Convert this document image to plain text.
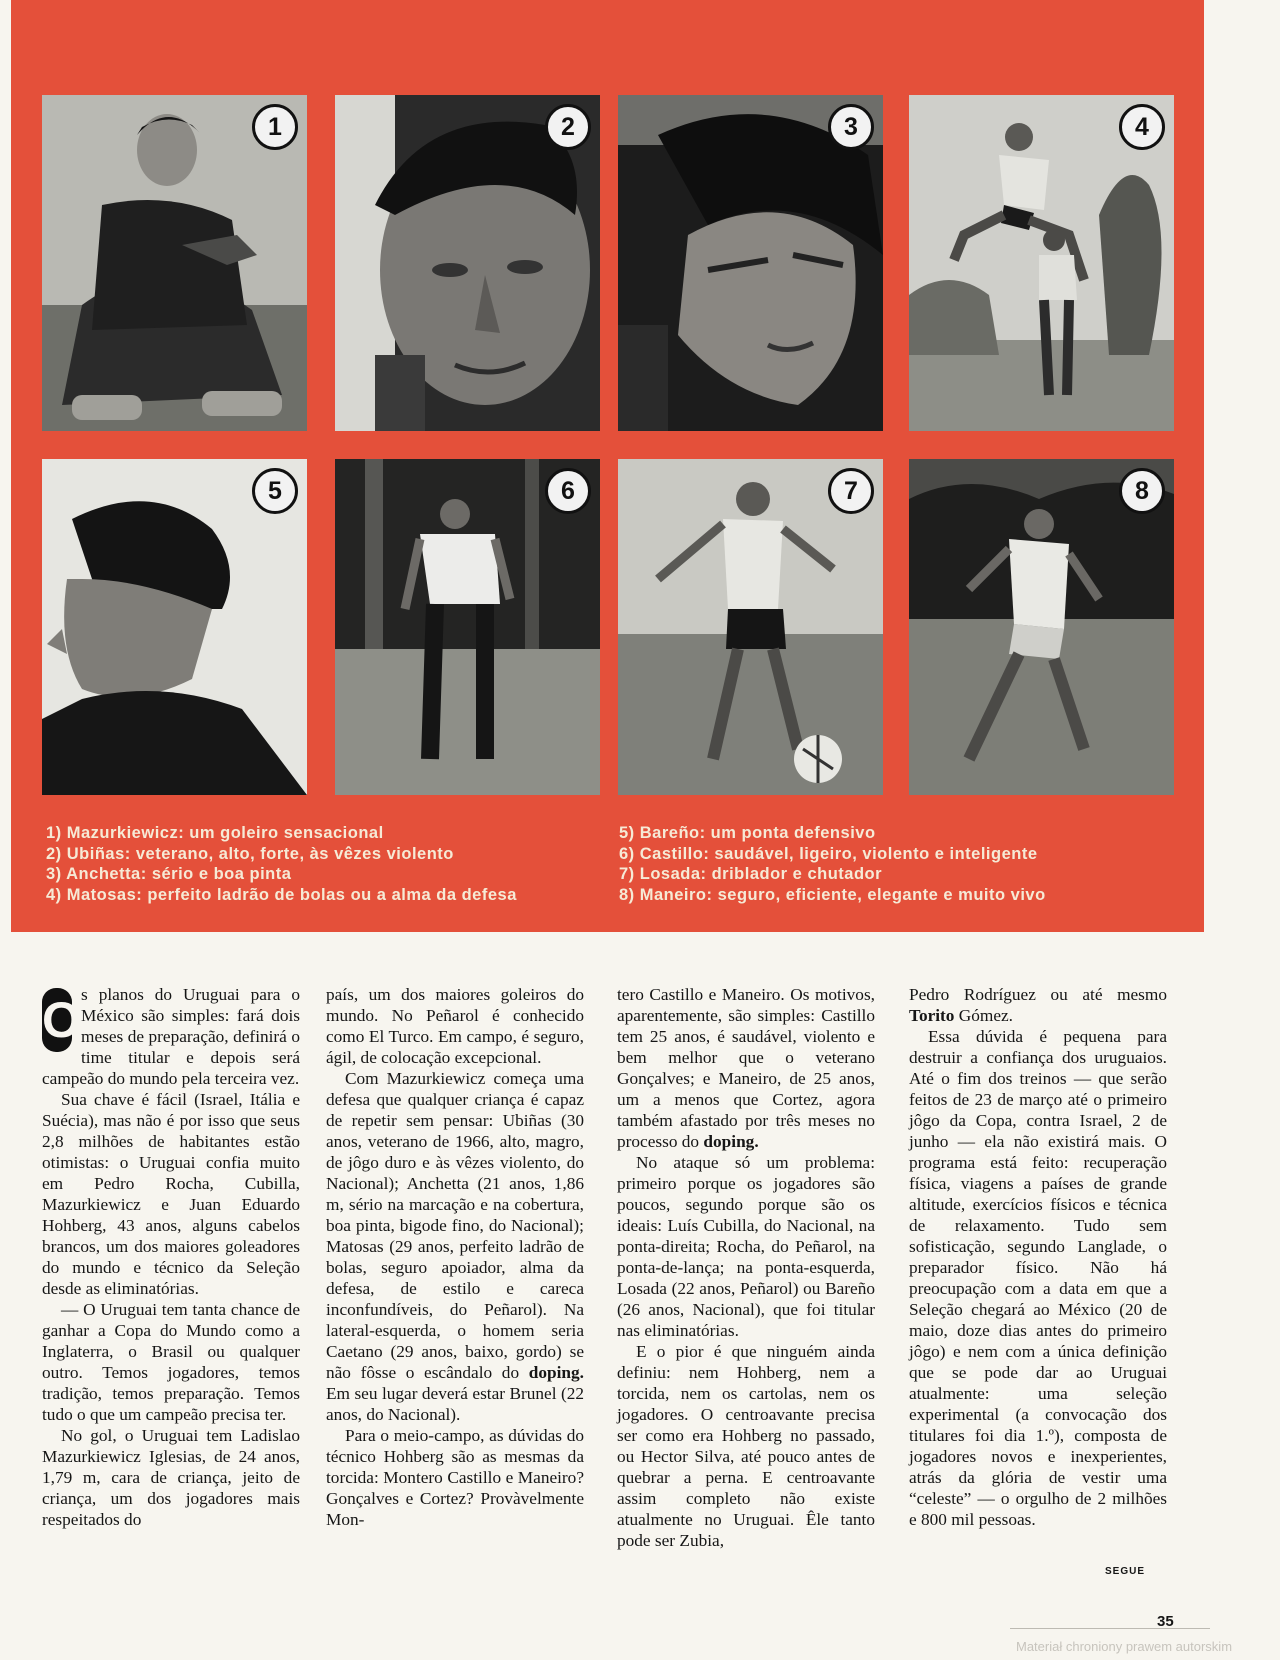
1	2	3	4
5	6	7	8
1) Mazurkiewicz: um goleiro sensacional
2) Ubiñas: veterano, alto, forte, às vêzes violento
3) Anchetta: sério e boa pinta
4) Matosas: perfeito ladrão de bolas ou a alma da defesa
5) Bareño: um ponta defensivo
6) Castillo: saudável, ligeiro, violento e inteligente
7) Losada: driblador e chutador
8) Maneiro: seguro, eficiente, elegante e muito vivo

O s planos do Uruguai para o México são simples: fará dois meses de preparação, definirá o time titular e depois será campeão do mundo pela terceira vez.

Sua chave é fácil (Israel, Itália e Suécia), mas não é por isso que seus 2,8 milhões de habitantes estão otimistas: o Uruguai confia muito em Pedro Rocha, Cubilla, Mazurkiewicz e Juan Eduardo Hohberg, 43 anos, alguns cabelos brancos, um dos maiores goleadores do mundo e técnico da Seleção desde as eliminatórias.

— O Uruguai tem tanta chance de ganhar a Copa do Mundo como a Inglaterra, o Brasil ou qualquer outro. Temos jogadores, temos tradição, temos preparação. Temos tudo o que um campeão precisa ter.

No gol, o Uruguai tem Ladislao Mazurkiewicz Iglesias, de 24 anos, 1,79 m, cara de criança, jeito de criança, um dos jogadores mais respeitados do

país, um dos maiores goleiros do mundo. No Peñarol é conhecido como El Turco. Em campo, é seguro, ágil, de colocação excepcional.

Com Mazurkiewicz começa uma defesa que qualquer criança é capaz de repetir sem pensar: Ubiñas (30 anos, veterano de 1966, alto, magro, de jôgo duro e às vêzes violento, do Nacional); Anchetta (21 anos, 1,86 m, sério na marcação e na cobertura, boa pinta, bigode fino, do Nacional); Matosas (29 anos, perfeito ladrão de bolas, seguro apoiador, alma da defesa, de estilo e careca inconfundíveis, do Peñarol). Na lateral-esquerda, o homem seria Caetano (29 anos, baixo, gordo) se não fôsse o escândalo do doping. Em seu lugar deverá estar Brunel (22 anos, do Nacional).

Para o meio-campo, as dúvidas do técnico Hohberg são as mesmas da torcida: Montero Castillo e Maneiro? Gonçalves e Cortez? Provàvelmente Mon-

tero Castillo e Maneiro. Os motivos, aparentemente, são simples: Castillo tem 25 anos, é saudável, violento e bem melhor que o veterano Gonçalves; e Maneiro, de 25 anos, um a menos que Cortez, agora também afastado por três meses no processo do doping.

No ataque só um problema: primeiro porque os jogadores são poucos, segundo porque são os ideais: Luís Cubilla, do Nacional, na ponta-direita; Rocha, do Peñarol, na ponta-de-lança; na ponta-esquerda, Losada (22 anos, Peñarol) ou Bareño (26 anos, Nacional), que foi titular nas eliminatórias.

E o pior é que ninguém ainda definiu: nem Hohberg, nem a torcida, nem os cartolas, nem os jogadores. O centroavante precisa ser como era Hohberg no passado, ou Hector Silva, até pouco antes de quebrar a perna. E centroavante assim completo não existe atualmente no Uruguai. Êle tanto pode ser Zubia,

Pedro Rodríguez ou até mesmo Torito Gómez.

Essa dúvida é pequena para destruir a confiança dos uruguaios. Até o fim dos treinos — que serão feitos de 23 de março até o primeiro jôgo da Copa, contra Israel, 2 de junho — ela não existirá mais. O programa está feito: recuperação física, viagens a países de grande altitude, exercícios físicos e técnica de relaxamento. Tudo sem sofisticação, segundo Langlade, o preparador físico. Não há preocupação com a data em que a Seleção chegará ao México (20 de maio, doze dias antes do primeiro jôgo) e nem com a única definição que se pode dar ao Uruguai atualmente: uma seleção experimental (a convocação dos titulares foi dia 1.º), composta de jogadores novos e inexperientes, atrás da glória de vestir uma “celeste” — o orgulho de 2 milhões e 800 mil pessoas.

SEGUE
35
Materiał chroniony prawem autorskim
